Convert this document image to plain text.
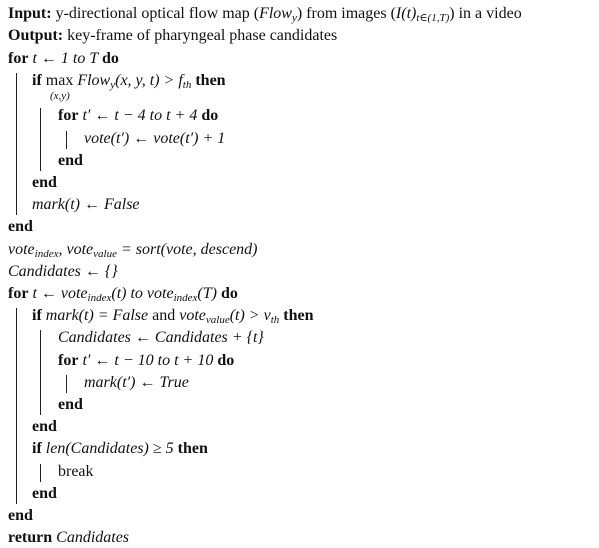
Input: y-directional optical flow map (Flow$_y$) from images $(I(t)_{t\in(1,T)})$ in a video
Output: key-frame of pharyngeal phase candidates
for t ← 1 to T do
if max Flow$_y$(x, y, $t) > f_{th}$ then
(x,y)
for t′ ← t − 4 to t + 4 do
vote(t′) ← vote(t′) + 1
end
end
mark(t) ← False
end
vote$_{index}$, vote$_{value}$ = sort(vote, descend)
Candidates ← {}
for t ← vote$_{index}$(t) to vote$_{index}$(T) do
if mark(t) = False and vote$_{value}$(t) > $v_{th}$ then
Candidates ← Candidates + {t}
for t′ ← t − 10 to t + 10 do
mark(t′) ← True
end
end
if len(Candidates) ≥ 5 then
break
end
end
return Candidates
